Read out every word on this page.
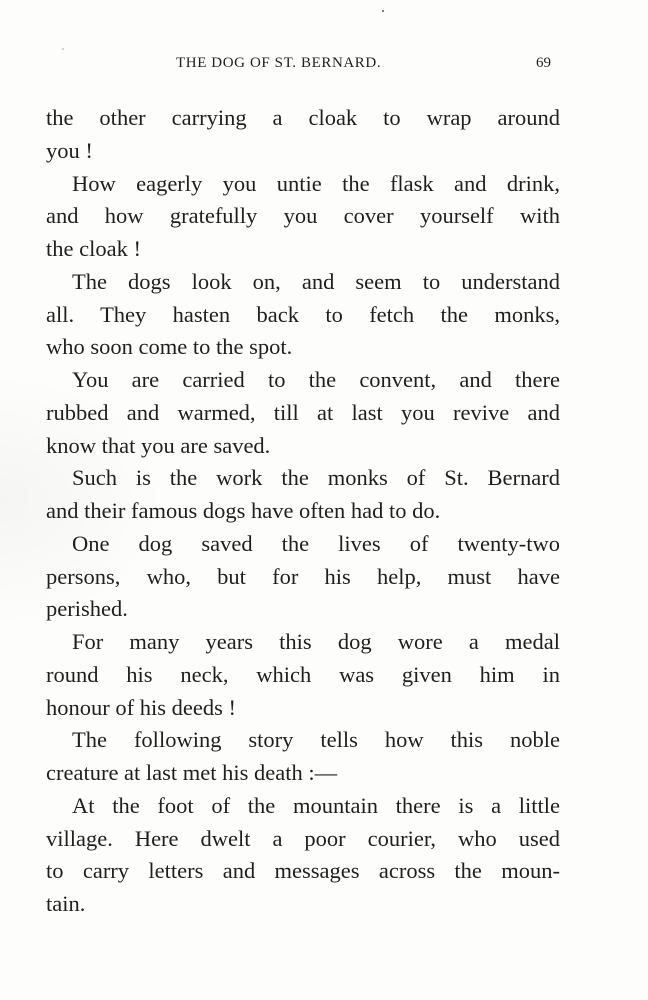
THE DOG OF ST. BERNARD.	69
the other carrying a cloak to wrap around
you !
How eagerly you untie the flask and drink,
and how gratefully you cover yourself with
the cloak !
The dogs look on, and seem to understand
all. They hasten back to fetch the monks,
who soon come to the spot.
You are carried to the convent, and there
rubbed and warmed, till at last you revive and
know that you are saved.
Such is the work the monks of St. Bernard
and their famous dogs have often had to do.
One dog saved the lives of twenty-two
persons, who, but for his help, must have
perished.
For many years this dog wore a medal
round his neck, which was given him in
honour of his deeds !
The following story tells how this noble
creature at last met his death :—
At the foot of the mountain there is a little
village. Here dwelt a poor courier, who used
to carry letters and messages across the moun-
tain.
